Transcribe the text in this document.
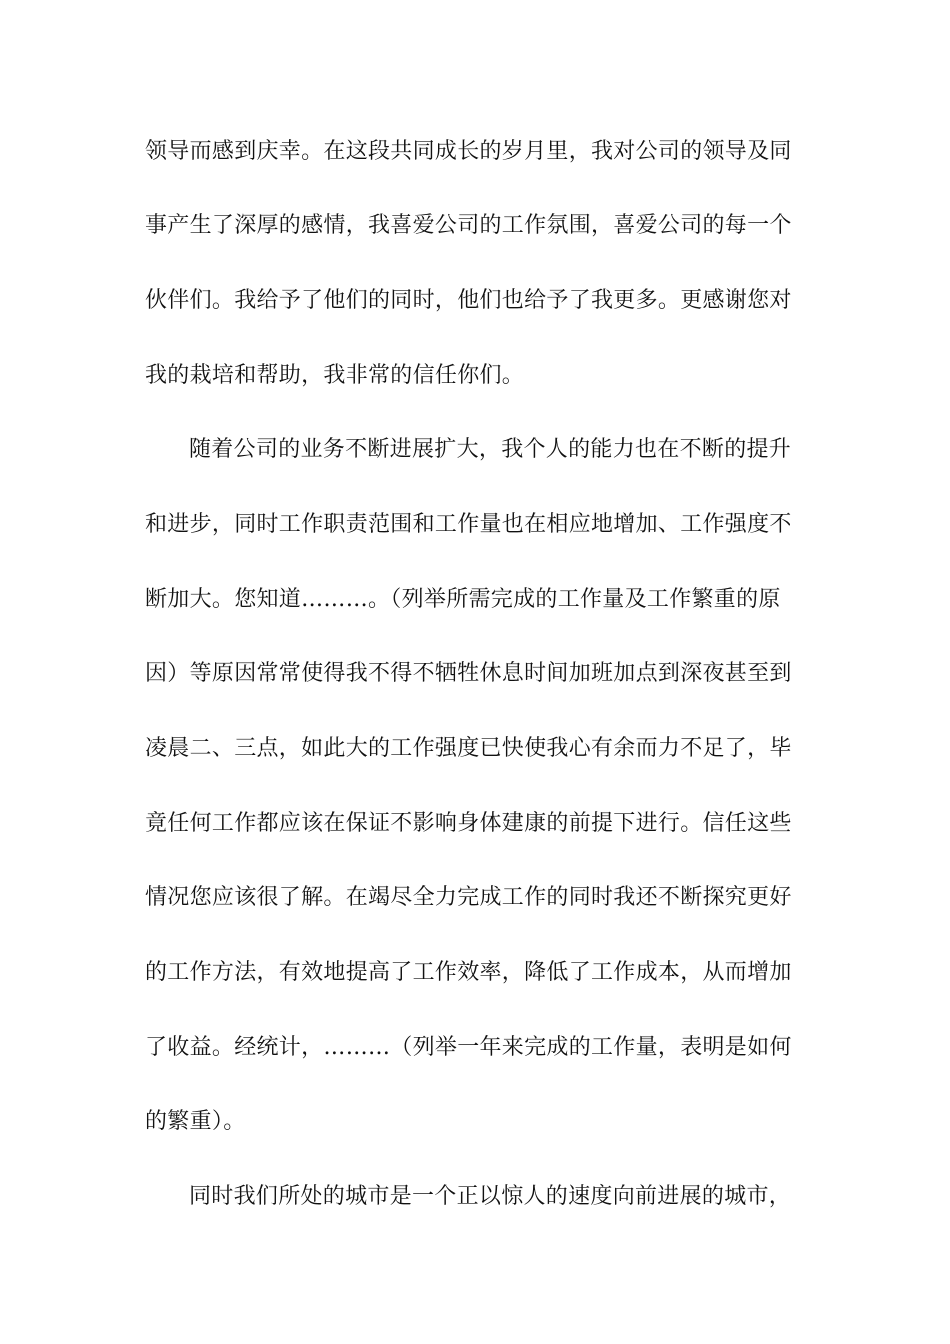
领导而感到庆幸。在这段共同成长的岁月里，我对公司的领导及同
事产生了深厚的感情，我喜爱公司的工作氛围，喜爱公司的每一个
伙伴们。我给予了他们的同时，他们也给予了我更多。更感谢您对
我的栽培和帮助，我非常的信任你们。
随着公司的业务不断进展扩大，我个人的能力也在不断的提升
和进步，同时工作职责范围和工作量也在相应地增加、工作强度不
断加大。您知道………。（列举所需完成的工作量及工作繁重的原
因）等原因常常使得我不得不牺牲休息时间加班加点到深夜甚至到
凌晨二、三点，如此大的工作强度已快使我心有余而力不足了，毕
竟任何工作都应该在保证不影响身体建康的前提下进行。信任这些
情况您应该很了解。在竭尽全力完成工作的同时我还不断探究更好
的工作方法，有效地提高了工作效率，降低了工作成本，从而增加
了收益。经统计，………（列举一年来完成的工作量，表明是如何
的繁重）。
同时我们所处的城市是一个正以惊人的速度向前进展的城市，
